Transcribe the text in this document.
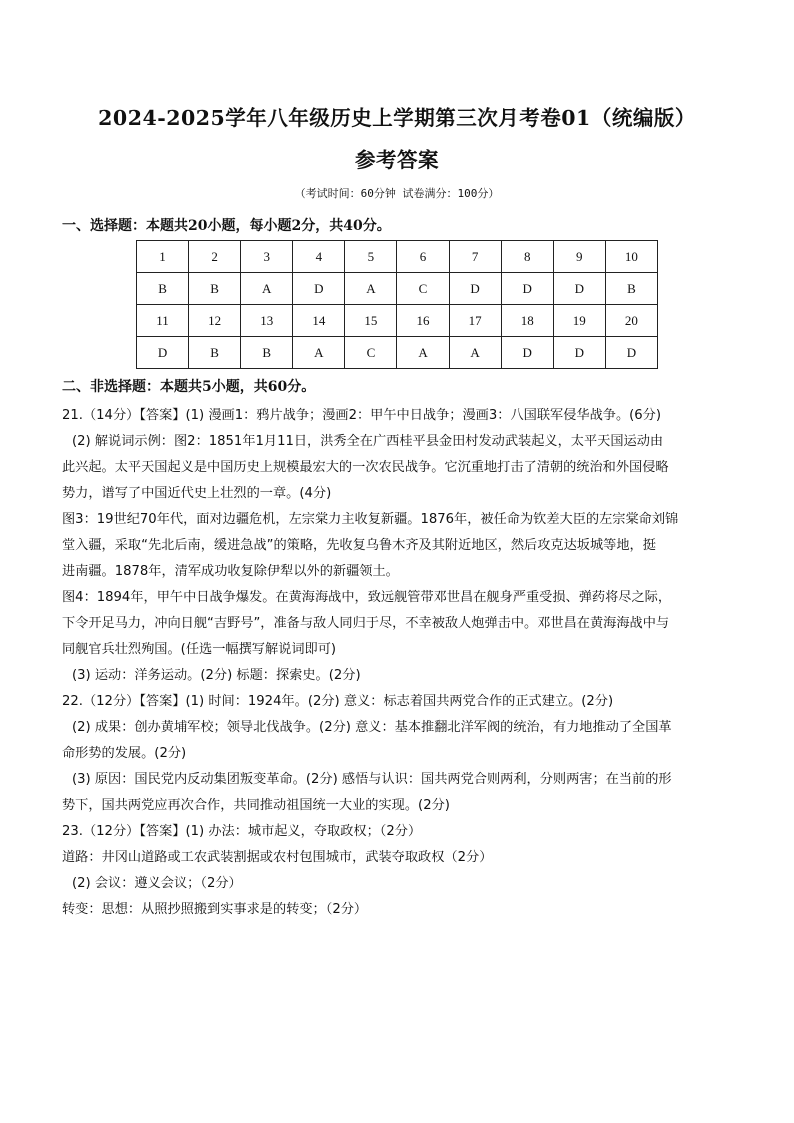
2024-2025学年八年级历史上学期第三次月考卷01（统编版）
参考答案
（考试时间：60分钟 试卷满分：100分）
一、选择题：本题共20小题，每小题2分，共40分。
1	2	3	4	5	6	7	8	9	10
B	B	A	D	A	C	D	D	D	B
11	12	13	14	15	16	17	18	19	20
D	B	B	A	C	A	A	D	D	D
二、非选择题：本题共5小题，共60分。

21.（14分）【答案】(1) 漫画1：鸦片战争；漫画2：甲午中日战争；漫画3：八国联军侵华战争。(6分)

(2) 解说词示例：图2：1851年1月11日，洪秀全在广西桂平县金田村发动武装起义，太平天国运动由

此兴起。太平天国起义是中国历史上规模最宏大的一次农民战争。它沉重地打击了清朝的统治和外国侵略

势力，谱写了中国近代史上壮烈的一章。(4分)

图3：19世纪70年代，面对边疆危机，左宗棠力主收复新疆。1876年，被任命为钦差大臣的左宗棠命刘锦

堂入疆，采取“先北后南，缓进急战”的策略，先收复乌鲁木齐及其附近地区，然后攻克达坂城等地，挺

进南疆。1878年，清军成功收复除伊犁以外的新疆领土。

图4：1894年，甲午中日战争爆发。在黄海海战中，致远舰管带邓世昌在舰身严重受损、弹药将尽之际，

下令开足马力，冲向日舰“吉野号”，准备与敌人同归于尽，不幸被敌人炮弹击中。邓世昌在黄海海战中与

同舰官兵壮烈殉国。(任选一幅撰写解说词即可)

(3) 运动：洋务运动。(2分) 标题：探索史。(2分)

22.（12分）【答案】(1) 时间：1924年。(2分) 意义：标志着国共两党合作的正式建立。(2分)

(2) 成果：创办黄埔军校；领导北伐战争。(2分) 意义：基本推翻北洋军阀的统治，有力地推动了全国革

命形势的发展。(2分)

(3) 原因：国民党内反动集团叛变革命。(2分) 感悟与认识：国共两党合则两利，分则两害；在当前的形

势下，国共两党应再次合作，共同推动祖国统一大业的实现。(2分)

23.（12分）【答案】(1) 办法：城市起义，夺取政权；（2分）

道路：井冈山道路或工农武装割据或农村包围城市，武装夺取政权（2分）

(2) 会议：遵义会议；（2分）

转变：思想：从照抄照搬到实事求是的转变；（2分）
